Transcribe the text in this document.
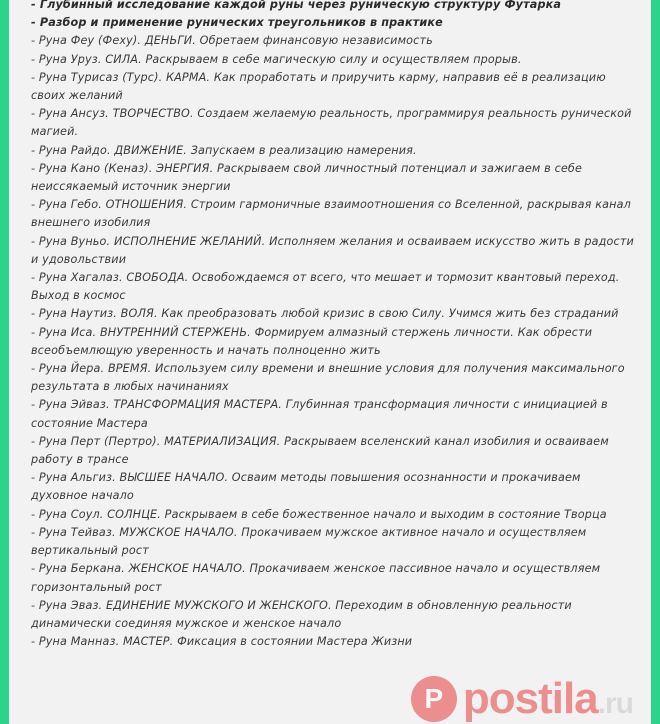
- Глубинный исследование каждой руны через руническую структуру Футарка
- Разбор и применение рунических треугольников в практике
- Руна Феу (Феху). ДЕНЬГИ. Обретаем финансовую независимость
- Руна Уруз. СИЛА. Раскрываем в себе магическую силу и осуществляем прорыв.
- Руна Турисаз (Турс). КАРМА. Как проработать и приручить карму, направив её в реализацию своих желаний
- Руна Ансуз. ТВОРЧЕСТВО. Создаем желаемую реальность, программируя реальность рунической магией.
- Руна Райдо. ДВИЖЕНИЕ. Запускаем в реализацию намерения.
- Руна Кано (Кеназ). ЭНЕРГИЯ. Раскрываем свой личностный потенциал и зажигаем в себе неиссякаемый источник энергии
- Руна Гебо. ОТНОШЕНИЯ. Строим гармоничные взаимоотношения со Вселенной, раскрывая канал внешнего изобилия
- Руна Вуньо. ИСПОЛНЕНИЕ ЖЕЛАНИЙ. Исполняем желания и осваиваем искусство жить в радости и удовольствии
- Руна Хагалаз. СВОБОДА. Освобождаемся от всего, что мешает и тормозит квантовый переход. Выход в космос
- Руна Наутиз. ВОЛЯ. Как преобразовать любой кризис в свою Силу. Учимся жить без страданий
- Руна Иса. ВНУТРЕННИЙ СТЕРЖЕНЬ. Формируем алмазный стержень личности. Как обрести всеобъемлющую уверенность и начать полноценно жить
- Руна Йера. ВРЕМЯ. Используем силу времени и внешние условия для получения максимального результата в любых начинаниях
- Руна Эйваз. ТРАНСФОРМАЦИЯ МАСТЕРА. Глубинная трансформация личности с инициацией в состояние Мастера
- Руна Перт (Пертро). МАТЕРИАЛИЗАЦИЯ. Раскрываем вселенский канал изобилия и осваиваем работу в трансе
- Руна Альгиз. ВЫСШЕЕ НАЧАЛО. Осваим методы повышения осознанности и прокачиваем духовное начало
- Руна Соул. СОЛНЦЕ. Раскрываем в себе божественное начало и выходим в состояние Творца
- Руна Тейваз. МУЖСКОЕ НАЧАЛО. Прокачиваем мужское активное начало и осуществляем вертикальный рост
- Руна Беркана. ЖЕНСКОЕ НАЧАЛО. Прокачиваем женское пассивное начало и осуществляем горизонтальный рост
- Руна Эваз. ЕДИНЕНИЕ МУЖСКОГО И ЖЕНСКОГО. Переходим в обновленную реальности динамически соединяя мужское и женское начало
- Руна Манназ. МАСТЕР. Фиксация в состоянии Мастера Жизни
P postila.ru
